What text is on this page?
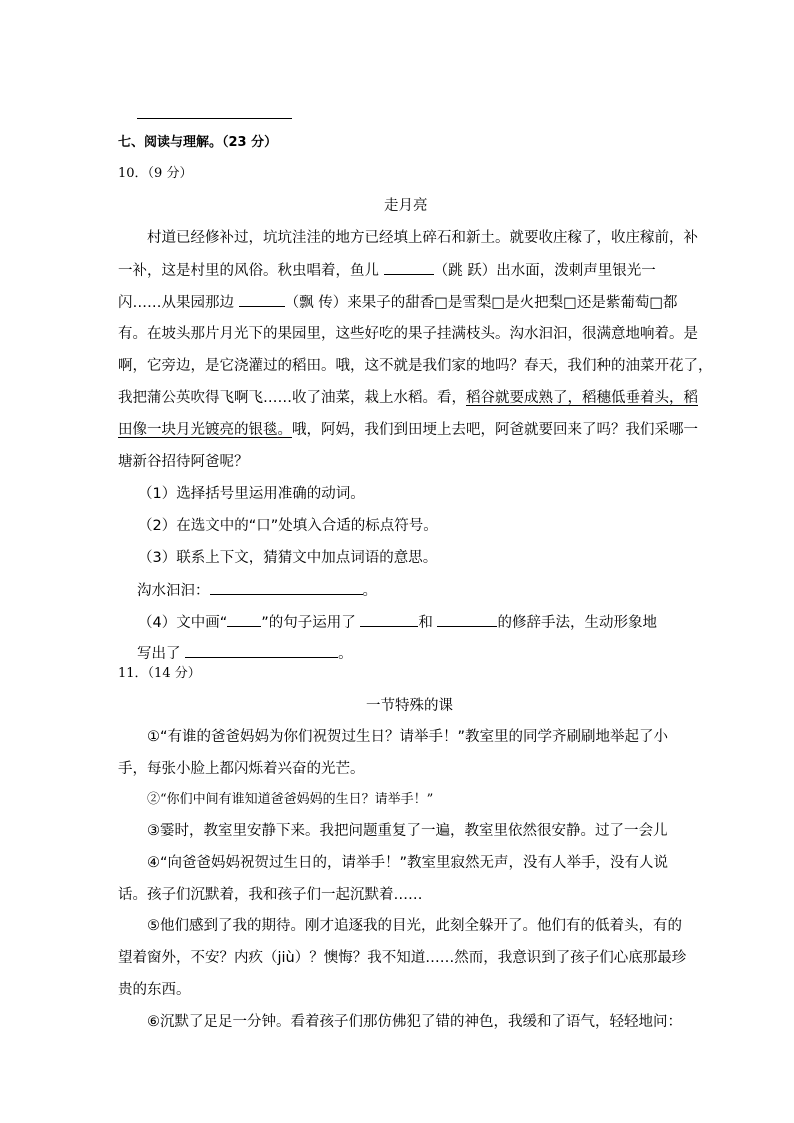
七、阅读与理解。（23 分）
10．（9 分）
走月亮
村道已经修补过，坑坑洼洼的地方已经填上碎石和新土。就要收庄稼了，收庄稼前，补
一补，这是村里的风俗。秋虫唱着，鱼儿	（跳 跃）出水面，泼刺声里银光一
闪……从果园那边	（飘 传）来果子的甜香□是雪梨□是火把梨□还是紫葡萄□都
有。在坡头那片月光下的果园里，这些好吃的果子挂满枝头。沟水汩汩，很满意地响着。是
啊，它旁边，是它浇灌过的稻田。哦，这不就是我们家的地吗？春天，我们种的油菜开花了，
我把蒲公英吹得飞啊飞……收了油菜，栽上水稻。看，稻谷就要成熟了，稻穗低垂着头，稻
田像一块月光镀亮的银毯。哦，阿妈，我们到田埂上去吧，阿爸就要回来了吗？我们采哪一
塘新谷招待阿爸呢？
（1）选择括号里运用准确的动词。
（2）在选文中的“口”处填入合适的标点符号。
（3）联系上下文，猜猜文中加点词语的意思。
沟水汩汩：	。
（4）文中画“ ”的句子运用了	和	的修辞手法，生动形象地
写出了	。
11．（14 分）
一节特殊的课
①“有谁的爸爸妈妈为你们祝贺过生日？请举手！”教室里的同学齐刷刷地举起了小
手，每张小脸上都闪烁着兴奋的光芒。
②“你们中间有谁知道爸爸妈妈的生日？请举手！”
③霎时，教室里安静下来。我把问题重复了一遍，教室里依然很安静。过了一会儿
④“向爸爸妈妈祝贺过生日的，请举手！”教室里寂然无声，没有人举手，没有人说
话。孩子们沉默着，我和孩子们一起沉默着……
⑤他们感到了我的期待。刚才追逐我的目光，此刻全躲开了。他们有的低着头，有的
望着窗外，不安？内疚（jiù）？懊悔？我不知道……然而，我意识到了孩子们心底那最珍
贵的东西。
⑥沉默了足足一分钟。看着孩子们那仿佛犯了错的神色，我缓和了语气，轻轻地问：
